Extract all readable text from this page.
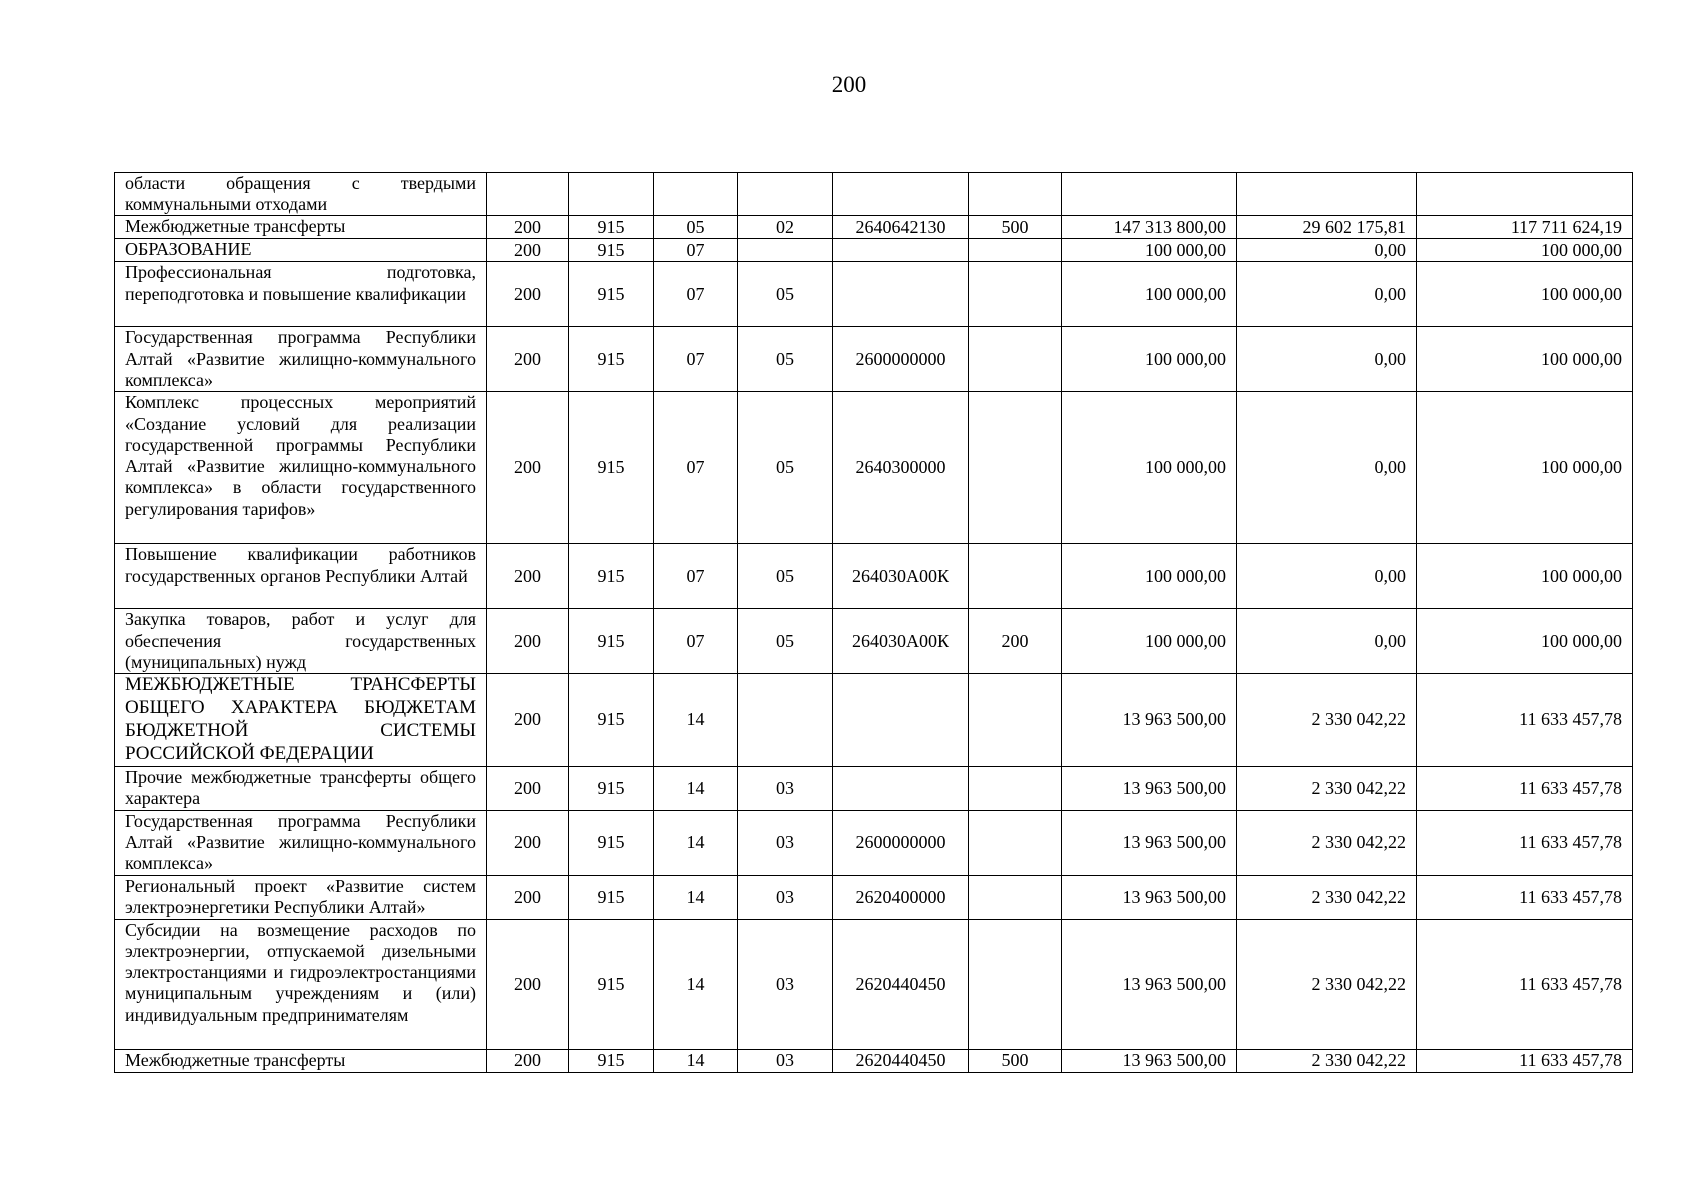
200
области обращения с твердыми коммунальными отходами									
Межбюджетные трансферты	200	915	05	02	2640642130	500	147 313 800,00	29 602 175,81	117 711 624,19
ОБРАЗОВАНИЕ	200	915	07				100 000,00	0,00	100 000,00
Профессиональная подготовка, переподготовка и повышение квалификации	200	915	07	05			100 000,00	0,00	100 000,00
Государственная программа Республики Алтай «Развитие жилищно-коммунального комплекса»	200	915	07	05	2600000000		100 000,00	0,00	100 000,00
Комплекс процессных мероприятий «Создание условий для реализации государственной программы Республики Алтай «Развитие жилищно-коммунального комплекса» в области государственного регулирования тарифов»	200	915	07	05	2640300000		100 000,00	0,00	100 000,00
Повышение квалификации работников государственных органов Республики Алтай	200	915	07	05	264030А00К		100 000,00	0,00	100 000,00
Закупка товаров, работ и услуг для обеспечения государственных (муниципальных) нужд	200	915	07	05	264030А00К	200	100 000,00	0,00	100 000,00
МЕЖБЮДЖЕТНЫЕ ТРАНСФЕРТЫ ОБЩЕГО ХАРАКТЕРА БЮДЖЕТАМ БЮДЖЕТНОЙ СИСТЕМЫ РОССИЙСКОЙ ФЕДЕРАЦИИ	200	915	14				13 963 500,00	2 330 042,22	11 633 457,78
Прочие межбюджетные трансферты общего характера	200	915	14	03			13 963 500,00	2 330 042,22	11 633 457,78
Государственная программа Республики Алтай «Развитие жилищно-коммунального комплекса»	200	915	14	03	2600000000		13 963 500,00	2 330 042,22	11 633 457,78
Региональный проект «Развитие систем электроэнергетики Республики Алтай»	200	915	14	03	2620400000		13 963 500,00	2 330 042,22	11 633 457,78
Субсидии на возмещение расходов по электроэнергии, отпускаемой дизельными электростанциями и гидроэлектростанциями муниципальным учреждениям и (или) индивидуальным предпринимателям	200	915	14	03	2620440450		13 963 500,00	2 330 042,22	11 633 457,78
Межбюджетные трансферты	200	915	14	03	2620440450	500	13 963 500,00	2 330 042,22	11 633 457,78
